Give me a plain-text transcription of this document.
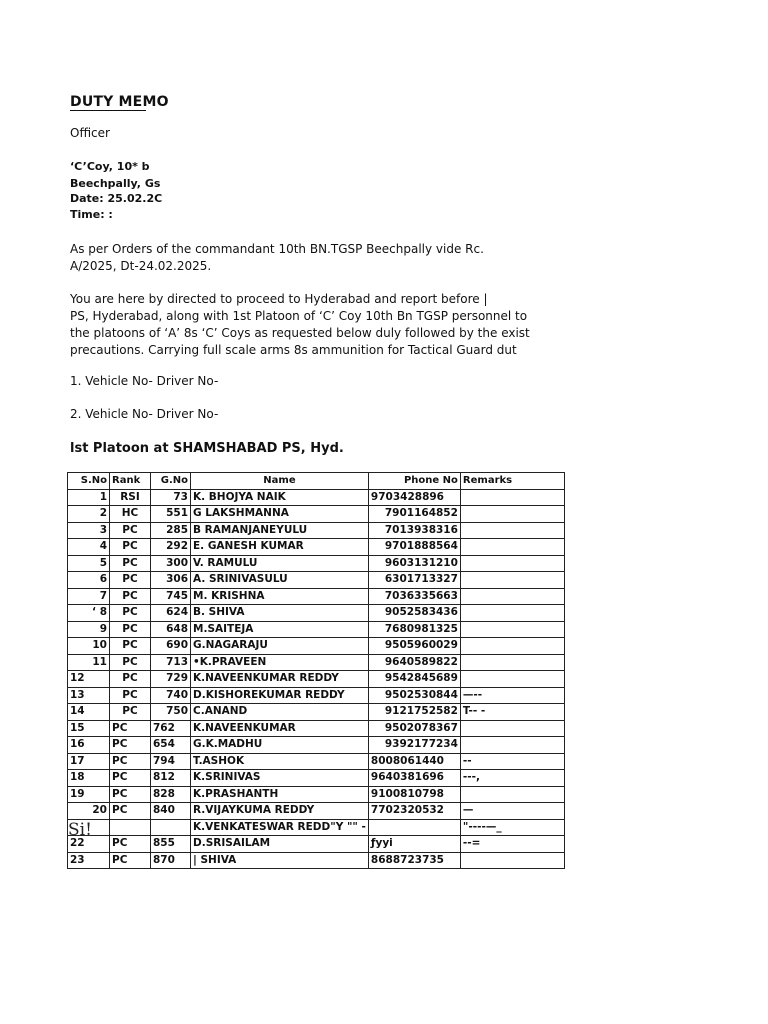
DUTY MEMO
Officer
‘C’Coy, 10* b
Beechpally, Gs
Date: 25.02.2C
Time: :
As per Orders of the commandant 10th BN.TGSP Beechpally vide Rc.
A/2025, Dt-24.02.2025.
You are here by directed to proceed to Hyderabad and report before |
PS, Hyderabad, along with 1st Platoon of ‘C’ Coy 10th Bn TGSP personnel to
the platoons of ‘A’ 8s ‘C’ Coys as requested below duly followed by the exist
precautions. Carrying full scale arms 8s ammunition for Tactical Guard dut
1. Vehicle No- Driver No-
2. Vehicle No- Driver No-
lst Platoon at SHAMSHABAD PS, Hyd.
S.No	Rank	G.No	Name	Phone No	Remarks
1	RSI	73	K. BHOJYA NAIK	9703428896	
2	HC	551	G LAKSHMANNA	7901164852	
3	PC	285	B RAMANJANEYULU	7013938316	
4	PC	292	E. GANESH KUMAR	9701888564	
5	PC	300	V. RAMULU	9603131210	
6	PC	306	A. SRINIVASULU	6301713327	
7	PC	745	M. KRISHNA	7036335663	
‘ 8	PC	624	B. SHIVA	9052583436	
9	PC	648	M.SAITEJA	7680981325	
10	PC	690	G.NAGARAJU	9505960029	
11	PC	713	•K.PRAVEEN	9640589822	
12	PC	729	K.NAVEENKUMAR REDDY	9542845689	
13	PC	740	D.KISHOREKUMAR REDDY	9502530844	—--
14	PC	750	C.ANAND	9121752582	T-- -
15	PC	762	K.NAVEENKUMAR	9502078367	
16	PC	654	G.K.MADHU	9392177234	
17	PC	794	T.ASHOK	8008061440	--
18	PC	812	K.SRINIVAS	9640381696	---,
19	PC	828	K.PRASHANTH	9100810798	
20	PC	840	R.VIJAYKUMA REDDY	7702320532	—
			K.VENKATESWAR REDD"Y "" -		"----—_
22	PC	855	D.SRISAILAM	ƒyyi	--=
23	PC	870	| SHIVA	8688723735	
Si!
